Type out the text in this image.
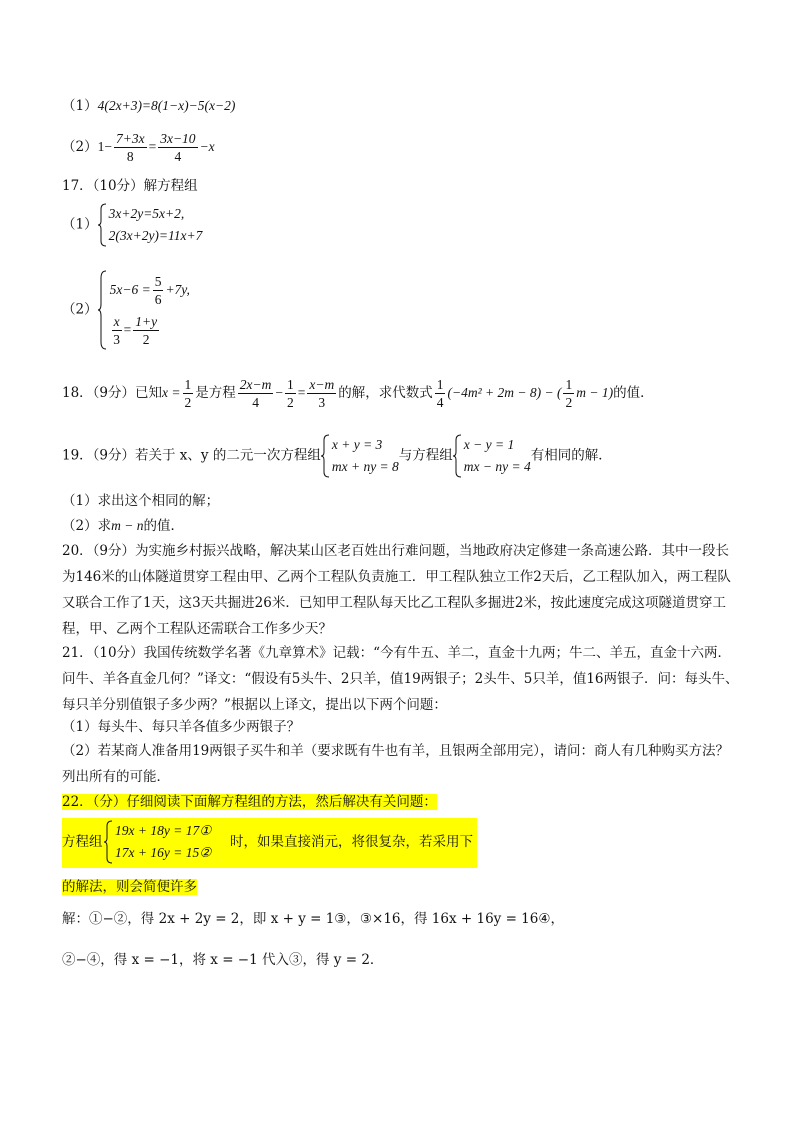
（1）4(2x+3)=8(1−x)−5(x−2)
$(2)1- \frac{7+3x}{8} = \frac{3x-10}{4} -x$
17．（10分）解方程组
（1）
3x+2y=5x+2,
2(3x+2y)=11x+7
（2）
$5x-6 = \frac{5}{6} +7y$,
$\frac{x}{3} = \frac{1+y}{2}$
18．（9分）已知$x = \frac{1}{2}$ 是方程 $\frac{2x-m}{4} - \frac{1}{2} = \frac{x-m}{3}$ 的解，求代数式 $\frac{1}{4} (-4m^2 + 2m - 8)$ − ( $\frac{1}{2}$ m − 1)的值．
19．（9分）若关于 x、y 的二元一次方程组
x + y = 3
mx + ny = 8
与方程组
x − y = 1
mx − ny = 4
有相同的解．
（1）求出这个相同的解；
（2）求m − n的值．
20．（9分）为实施乡村振兴战略，解决某山区老百姓出行难问题，当地政府决定修建一条高速公路．其中一段长为146米的山体隧道贯穿工程由甲、乙两个工程队负责施工．甲工程队独立工作2天后，乙工程队加入，两工程队又联合工作了1天，这3天共掘进26米．已知甲工程队每天比乙工程队多掘进2米，按此速度完成这项隧道贯穿工程，甲、乙两个工程队还需联合工作多少天？
21．（10分）我国传统数学名著《九章算术》记载：“今有牛五、羊二，直金十九两；牛二、羊五，直金十六两．问牛、羊各直金几何？”译文：“假设有5头牛、2只羊，值19两银子；2头牛、5只羊，值16两银子．问：每头牛、每只羊分别值银子多少两？”根据以上译文，提出以下两个问题：
（1）每头牛、每只羊各值多少两银子？
（2）若某商人准备用19两银子买牛和羊（要求既有牛也有羊，且银两全部用完），请问：商人有几种购买方法？列出所有的可能．
22．（分）仔细阅读下面解方程组的方法，然后解决有关问题：
方程组
19x + 18y = 17①
17x + 16y = 15②
时，如果直接消元，将很复杂，若采用下
的解法，则会简便许多
解：①−②，得 2x + 2y = 2，即 x + y = 1③，③×16，得 16x + 16y = 16④，
②−④，得 x = −1，将 x = −1 代入③，得 y = 2．
